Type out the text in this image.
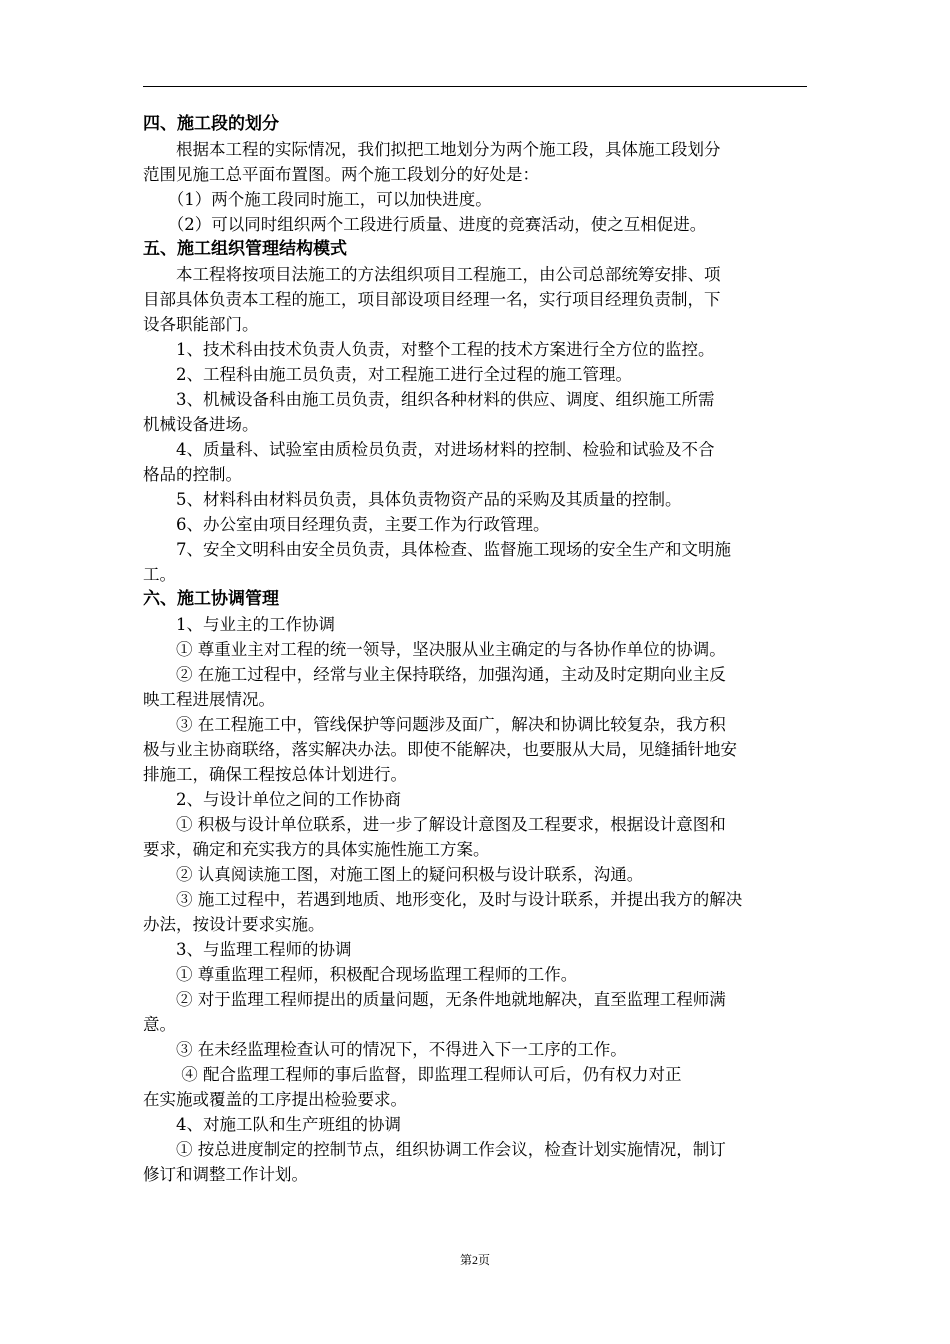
四、施工段的划分
　　根据本工程的实际情况，我们拟把工地划分为两个施工段，具体施工段划分
范围见施工总平面布置图。两个施工段划分的好处是：
　　（1）两个施工段同时施工，可以加快进度。
　　（2）可以同时组织两个工段进行质量、进度的竞赛活动，使之互相促进。
五、施工组织管理结构模式
　　本工程将按项目法施工的方法组织项目工程施工，由公司总部统筹安排、项
目部具体负责本工程的施工，项目部设项目经理一名，实行项目经理负责制，下
设各职能部门。
　　1、技术科由技术负责人负责，对整个工程的技术方案进行全方位的监控。
　　2、工程科由施工员负责，对工程施工进行全过程的施工管理。
　　3、机械设备科由施工员负责，组织各种材料的供应、调度、组织施工所需
机械设备进场。
　　4、质量科、试验室由质检员负责，对进场材料的控制、检验和试验及不合
格品的控制。
　　5、材料科由材料员负责，具体负责物资产品的采购及其质量的控制。
　　6、办公室由项目经理负责，主要工作为行政管理。
　　7、安全文明科由安全员负责，具体检查、监督施工现场的安全生产和文明施
工。
六、施工协调管理
　　1、与业主的工作协调
　　① 尊重业主对工程的统一领导，坚决服从业主确定的与各协作单位的协调。
　　② 在施工过程中，经常与业主保持联络，加强沟通，主动及时定期向业主反
映工程进展情况。
　　③ 在工程施工中，管线保护等问题涉及面广，解决和协调比较复杂，我方积
极与业主协商联络，落实解决办法。即使不能解决，也要服从大局，见缝插针地安
排施工，确保工程按总体计划进行。
　　2、与设计单位之间的工作协商
　　① 积极与设计单位联系，进一步了解设计意图及工程要求，根据设计意图和
要求，确定和充实我方的具体实施性施工方案。
　　② 认真阅读施工图，对施工图上的疑问积极与设计联系，沟通。
　　③ 施工过程中，若遇到地质、地形变化，及时与设计联系，并提出我方的解决
办法，按设计要求实施。
　　3、与监理工程师的协调
　　① 尊重监理工程师，积极配合现场监理工程师的工作。
　　② 对于监理工程师提出的质量问题，无条件地就地解决，直至监理工程师满
意。
　　③ 在未经监理检查认可的情况下，不得进入下一工序的工作。
　　 ④ 配合监理工程师的事后监督，即监理工程师认可后，仍有权力对正
在实施或覆盖的工序提出检验要求。
　　4、对施工队和生产班组的协调
　　① 按总进度制定的控制节点，组织协调工作会议，检查计划实施情况，制订
修订和调整工作计划。
第2页
